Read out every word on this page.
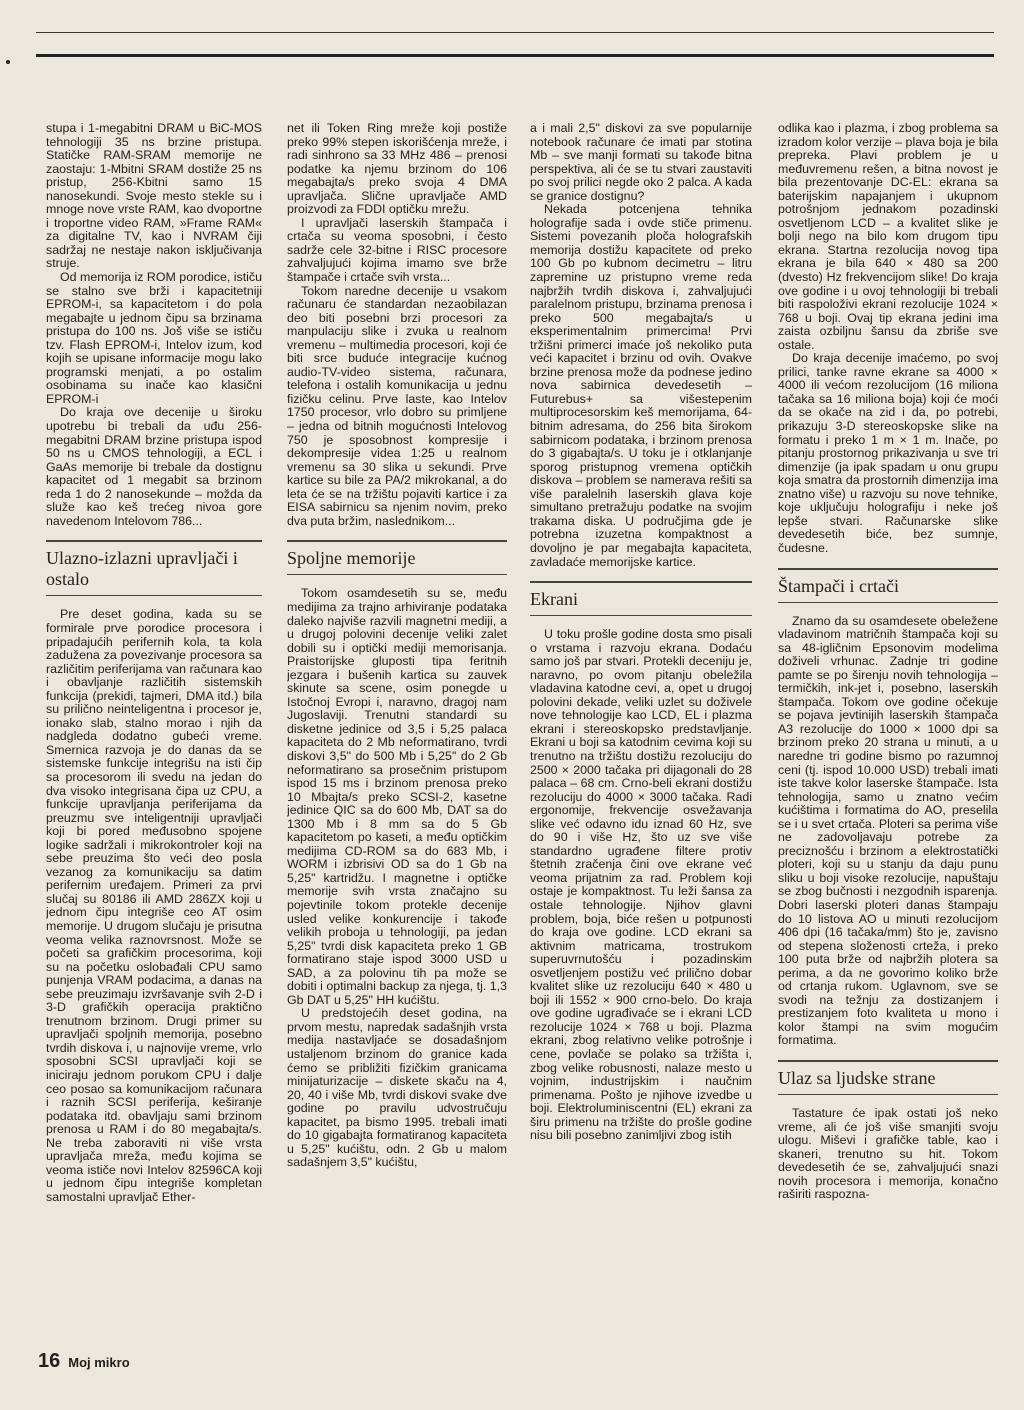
stupa i 1-megabitni DRAM u BiC-MOS tehnologiji 35 ns brzine pristupa. Statičke RAM-SRAM memorije ne zaostaju: 1-Mbitni SRAM dostiže 25 ns pristup, 256-Kbitni samo 15 nanosekundi. Svoje mesto stekle su i mnoge nove vrste RAM, kao dvoportne i troportne video RAM, »Frame RAM« za digitalne TV, kao i NVRAM čiji sadržaj ne nestaje nakon isključivanja struje.

Od memorija iz ROM porodice, ističu se stalno sve brži i kapacitetniji EPROM-i, sa kapacitetom i do pola megabajte u jednom čipu sa brzinama pristupa do 100 ns. Još više se ističu tzv. Flash EPROM-i, Intelov izum, kod kojih se upisane informacije mogu lako programski menjati, a po ostalim osobinama su inače kao klasični EPROM-i

Do kraja ove decenije u široku upotrebu bi trebali da uđu 256-megabitni DRAM brzine pristupa ispod 50 ns u CMOS tehnologiji, a ECL i GaAs memorije bi trebale da dostignu kapacitet od 1 megabit sa brzinom reda 1 do 2 nanosekunde – možda da služe kao keš trećeg nivoa gore navedenom Intelovom 786...

Ulazno-izlazni upravljači i ostalo

Pre deset godina, kada su se formirale prve porodice procesora i pripadajućih perifernih kola, ta kola zadužena za povezivanje procesora sa različitim periferijama van računara kao i obavljanje različitih sistemskih funkcija (prekidi, tajmeri, DMA itd.) bila su prilično neinteligentna i procesor je, ionako slab, stalno morao i njih da nadgleda dodatno gubeći vreme. Smernica razvoja je do danas da se sistemske funkcije integrišu na isti čip sa procesorom ili svedu na jedan do dva visoko integrisana čipa uz CPU, a funkcije upravljanja periferijama da preuzmu sve inteligentniji upravljači koji bi pored međusobno spojene logike sadržali i mikrokontroler koji na sebe preuzima što veći deo posla vezanog za komunikaciju sa datim perifernim uređajem. Primeri za prvi slučaj su 80186 ili AMD 286ZX koji u jednom čipu integriše ceo AT osim memorije. U drugom slučaju je prisutna veoma velika raznovrsnost. Može se početi sa grafičkim procesorima, koji su na početku oslobađali CPU samo punjenja VRAM podacima, a danas na sebe preuzimaju izvršavanje svih 2-D i 3-D grafičkih operacija praktično trenutnom brzinom. Drugi primer su upravljači spoljnih memorija, posebno tvrdih diskova i, u najnovije vreme, vrlo sposobni SCSI upravljači koji se iniciraju jednom porukom CPU i dalje ceo posao sa komunikacijom računara i raznih SCSI periferija, keširanje podataka itd. obavljaju sami brzinom prenosa u RAM i do 80 megabajta/s. Ne treba zaboraviti ni više vrsta upravljača mreža, među kojima se veoma ističe novi Intelov 82596CA koji u jednom čipu integriše kompletan samostalni upravljač Ether-

net ili Token Ring mreže koji postiže preko 99% stepen iskorišćenja mreže, i radi sinhrono sa 33 MHz 486 – prenosi podatke ka njemu brzinom do 106 megabajta/s preko svoja 4 DMA upravljača. Slične upravljače AMD proizvodi za FDDI optičku mrežu.

I upravljači laserskih štampača i crtača su veoma sposobni, i često sadrže cele 32-bitne i RISC procesore zahvaljujući kojima imamo sve brže štampače i crtače svih vrsta...

Tokom naredne decenije u vsakom računaru će standardan nezaobilazan deo biti posebni brzi procesori za manpulaciju slike i zvuka u realnom vremenu – multimedia procesori, koji će biti srce buduće integracije kućnog audio-TV-video sistema, računara, telefona i ostalih komunikacija u jednu fizičku celinu. Prve laste, kao Intelov 1750 procesor, vrlo dobro su primljene – jedna od bitnih mogućnosti Intelovog 750 je sposobnost kompresije i dekompresije videa 1:25 u realnom vremenu sa 30 slika u sekundi. Prve kartice su bile za PA/2 mikrokanal, a do leta će se na tržištu pojaviti kartice i za EISA sabirnicu sa njenim novim, preko dva puta bržim, naslednikom...

Spoljne memorije

Tokom osamdesetih su se, među medijima za trajno arhiviranje podataka daleko najviše razvili magnetni mediji, a u drugoj polovini decenije veliki zalet dobili su i optički mediji memorisanja. Praistorijske gluposti tipa feritnih jezgara i bušenih kartica su zauvek skinute sa scene, osim ponegde u Istočnoj Evropi i, naravno, dragoj nam Jugoslaviji. Trenutni standardi su disketne jedinice od 3,5 i 5,25 palaca kapaciteta do 2 Mb neformatirano, tvrdi diskovi 3,5" do 500 Mb i 5,25" do 2 Gb neformatirano sa prosečnim pristupom ispod 15 ms i brzinom prenosa preko 10 Mbajta/s preko SCSI-2, kasetne jedinice QIC sa do 600 Mb, DAT sa do 1300 Mb i 8 mm sa do 5 Gb kapacitetom po kaseti, a među optičkim medijima CD-ROM sa do 683 Mb, i WORM i izbrisivi OD sa do 1 Gb na 5,25" kartridžu. I magnetne i optičke memorije svih vrsta značajno su pojevtinile tokom protekle decenije usled velike konkurencije i takođe velikih proboja u tehnologiji, pa jedan 5,25" tvrdi disk kapaciteta preko 1 GB formatirano staje ispod 3000 USD u SAD, a za polovinu tih pa može se dobiti i optimalni backup za njega, tj. 1,3 Gb DAT u 5,25" HH kućištu.

U predstojećih deset godina, na prvom mestu, napredak sadašnjih vrsta medija nastavljaće se dosadašnjom ustaljenom brzinom do granice kada ćemo se približiti fizičkim granicama minijaturizacije – diskete skaču na 4, 20, 40 i više Mb, tvrdi diskovi svake dve godine po pravilu udvostručuju kapacitet, pa bismo 1995. trebali imati do 10 gigabajta formatiranog kapaciteta u 5,25" kućištu, odn. 2 Gb u malom sadašnjem 3,5" kućištu,

a i mali 2,5" diskovi za sve popularnije notebook računare će imati par stotina Mb – sve manji formati su takođe bitna perspektiva, ali će se tu stvari zaustaviti po svoj prilici negde oko 2 palca. A kada se granice dostignu?

Nekada potcenjena tehnika holografije sada i ovde stiče primenu. Sistemi povezanih ploča holografskih memorija dostižu kapacitete od preko 100 Gb po kubnom decimetru – litru zapremine uz pristupno vreme reda najbržih tvrdih diskova i, zahvaljujući paralelnom pristupu, brzinama prenosa i preko 500 megabajta/s u eksperimentalnim primercima! Prvi tržišni primerci imaće još nekoliko puta veći kapacitet i brzinu od ovih. Ovakve brzine prenosa može da podnese jedino nova sabirnica devedesetih – Futurebus+ sa višestepenim multiprocesorskim keš memorijama, 64-bitnim adresama, do 256 bita širokom sabirnicom podataka, i brzinom prenosa do 3 gigabajta/s. U toku je i otklanjanje sporog pristupnog vremena optičkih diskova – problem se namerava rešiti sa više paralelnih laserskih glava koje simultano pretražuju podatke na svojim trakama diska. U područjima gde je potrebna izuzetna kompaktnost a dovoljno je par megabajta kapaciteta, zavladaće memorijske kartice.

Ekrani

U toku prošle godine dosta smo pisali o vrstama i razvoju ekrana. Dodaću samo još par stvari. Protekli deceniju je, naravno, po ovom pitanju obeležila vladavina katodne cevi, a, opet u drugoj polovini dekade, veliki uzlet su doživele nove tehnologije kao LCD, EL i plazma ekrani i stereoskopsko predstavljanje. Ekrani u boji sa katodnim cevima koji su trenutno na tržištu dostižu rezoluciju do 2500 × 2000 tačaka pri dijagonali do 28 palaca – 68 cm. Crno-beli ekrani dostižu rezoluciju do 4000 × 3000 tačaka. Radi ergonomije, frekvencije osvežavanja slike već odavno idu iznad 60 Hz, sve do 90 i više Hz, što uz sve više standardno ugrađene filtere protiv štetnih zračenja čini ove ekrane već veoma prijatnim za rad. Problem koji ostaje je kompaktnost. Tu leži šansa za ostale tehnologije. Njihov glavni problem, boja, biće rešen u potpunosti do kraja ove godine. LCD ekrani sa aktivnim matricama, trostrukom superuvrnutošću i pozadinskim osvetljenjem postižu već prilično dobar kvalitet slike uz rezoluciju 640 × 480 u boji ili 1552 × 900 crno-belo. Do kraja ove godine ugrađivaće se i ekrani LCD rezolucije 1024 × 768 u boji. Plazma ekrani, zbog relativno velike potrošnje i cene, povlače se polako sa tržišta i, zbog velike robusnosti, nalaze mesto u vojnim, industrijskim i naučnim primenama. Pošto je njihove izvedbe u boji. Elektroluminiscentni (EL) ekrani za širu primenu na tržište do prošle godine nisu bili posebno zanimljivi zbog istih

odlika kao i plazma, i zbog problema sa izradom kolor verzije – plava boja je bila prepreka. Plavi problem je u međuvremenu rešen, a bitna novost je bila prezentovanje DC-EL: ekrana sa baterijskim napajanjem i ukupnom potrošnjom jednakom pozadinski osvetljenom LCD – a kvalitet slike je bolji nego na bilo kom drugom tipu ekrana. Startna rezolucija novog tipa ekrana je bila 640 × 480 sa 200 (dvesto) Hz frekvencijom slike! Do kraja ove godine i u ovoj tehnologiji bi trebali biti raspoloživi ekrani rezolucije 1024 × 768 u boji. Ovaj tip ekrana jedini ima zaista ozbiljnu šansu da zbriše sve ostale.

Do kraja decenije imaćemo, po svoj prilici, tanke ravne ekrane sa 4000 × 4000 ili većom rezolucijom (16 miliona tačaka sa 16 miliona boja) koji će moći da se okače na zid i da, po potrebi, prikazuju 3-D stereoskopske slike na formatu i preko 1 m × 1 m. Inače, po pitanju prostornog prikazivanja u sve tri dimenzije (ja ipak spadam u onu grupu koja smatra da prostornih dimenzija ima znatno više) u razvoju su nove tehnike, koje uključuju holografiju i neke još lepše stvari. Računarske slike devedesetih biće, bez sumnje, čudesne.

Štampači i crtači

Znamo da su osamdesete obeležene vladavinom matričnih štampača koji su sa 48-igličnim Epsonovim modelima doživeli vrhunac. Zadnje tri godine pamte se po širenju novih tehnologija – termičkih, ink-jet i, posebno, laserskih štampača. Tokom ove godine očekuje se pojava jevtinijih laserskih štampača A3 rezolucije do 1000 × 1000 dpi sa brzinom preko 20 strana u minuti, a u naredne tri godine bismo po razumnoj ceni (tj. ispod 10.000 USD) trebali imati iste takve kolor laserske štampače. Ista tehnologija, samo u znatno većim kućištima i formatima do AO, preselila se i u svet crtača. Ploteri sa perima više ne zadovoljavaju potrebe za preciznošću i brzinom a elektrostatički ploteri, koji su u stanju da daju punu sliku u boji visoke rezolucije, napuštaju se zbog bučnosti i nezgodnih isparenja. Dobri laserski ploteri danas štampaju do 10 listova AO u minuti rezolucijom 406 dpi (16 tačaka/mm) što je, zavisno od stepena složenosti crteža, i preko 100 puta brže od najbržih plotera sa perima, a da ne govorimo koliko brže od crtanja rukom. Uglavnom, sve se svodi na težnju za dostizanjem i prestizanjem foto kvaliteta u mono i kolor štampi na svim mogućim formatima.

Ulaz sa ljudske strane

Tastature će ipak ostati još neko vreme, ali će još više smanjiti svoju ulogu. Miševi i grafičke table, kao i skaneri, trenutno su hit. Tokom devedesetih će se, zahvaljujući snazi novih procesora i memorija, konačno raširiti raspozna-

16 Moj mikro
